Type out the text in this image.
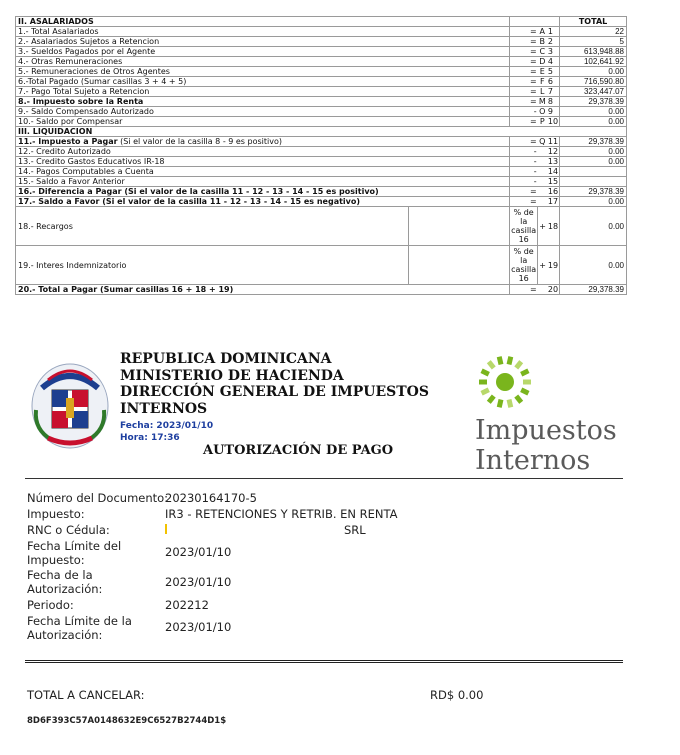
II. ASALARIADOS					TOTAL
1.- Total Asalariados		=	A	1	22
2.- Asalariados Sujetos a Retencion		=	B	2	5
3.- Sueldos Pagados por el Agente		=	C	3	613,948.88
4.- Otras Remuneraciones		=	D	4	102,641.92
5.- Remuneraciones de Otros Agentes		=	E	5	0.00
6.-Total Pagado (Sumar casillas 3 + 4 + 5)		=	F	6	716,590.80
7.- Pago Total Sujeto a Retencion		=	L	7	323,447.07
8.- Impuesto sobre la Renta		=	M	8	29,378.39
9.- Saldo Compensado Autorizado		-	O	9	0.00
10.- Saldo por Compensar		=	P	10	0.00
III. LIQUIDACION					
11.- Impuesto a Pagar (Si el valor de la casilla 8 - 9 es positivo)		=	Q	11	29,378.39
12.- Credito Autorizado		-		12	0.00
13.- Credito Gastos Educativos IR-18		-		13	0.00
14.- Pagos Computables a Cuenta		-		14	
15.- Saldo a Favor Anterior		-		15	
16.- Diferencia a Pagar (Si el valor de la casilla 11 - 12 - 13 - 14 - 15 es positivo)		=		16	29,378.39
17.- Saldo a Favor (Si el valor de la casilla 11 - 12 - 13 - 14 - 15 es negativo)		=		17	0.00
18.- Recargos		% de la casilla 16	+	18	0.00
19.- Interes Indemnizatorio		% de la casilla 16	+	19	0.00
20.- Total a Pagar (Sumar casillas 16 + 18 + 19)		=		20	29,378.39
REPUBLICA DOMINICANA
MINISTERIO DE HACIENDA
DIRECCIÓN GENERAL DE IMPUESTOS
INTERNOS
Fecha: 2023/01/10
Hora: 17:36
AUTORIZACIÓN DE PAGO
Impuestos
Internos
Número del Documento:
20230164170-5
Impuesto:	IR3 - RETENCIONES Y RETRIB. EN RENTA
RNC o Cédula:	SRL
Fecha Límite del Impuesto:
2023/01/10
Fecha de la Autorización:	2023/01/10
Periodo:	202212
Fecha Límite de la Autorización:
2023/01/10
TOTAL A CANCELAR:	RD$ 0.00
8D6F393C57A0148632E9C6527B2744D1$
